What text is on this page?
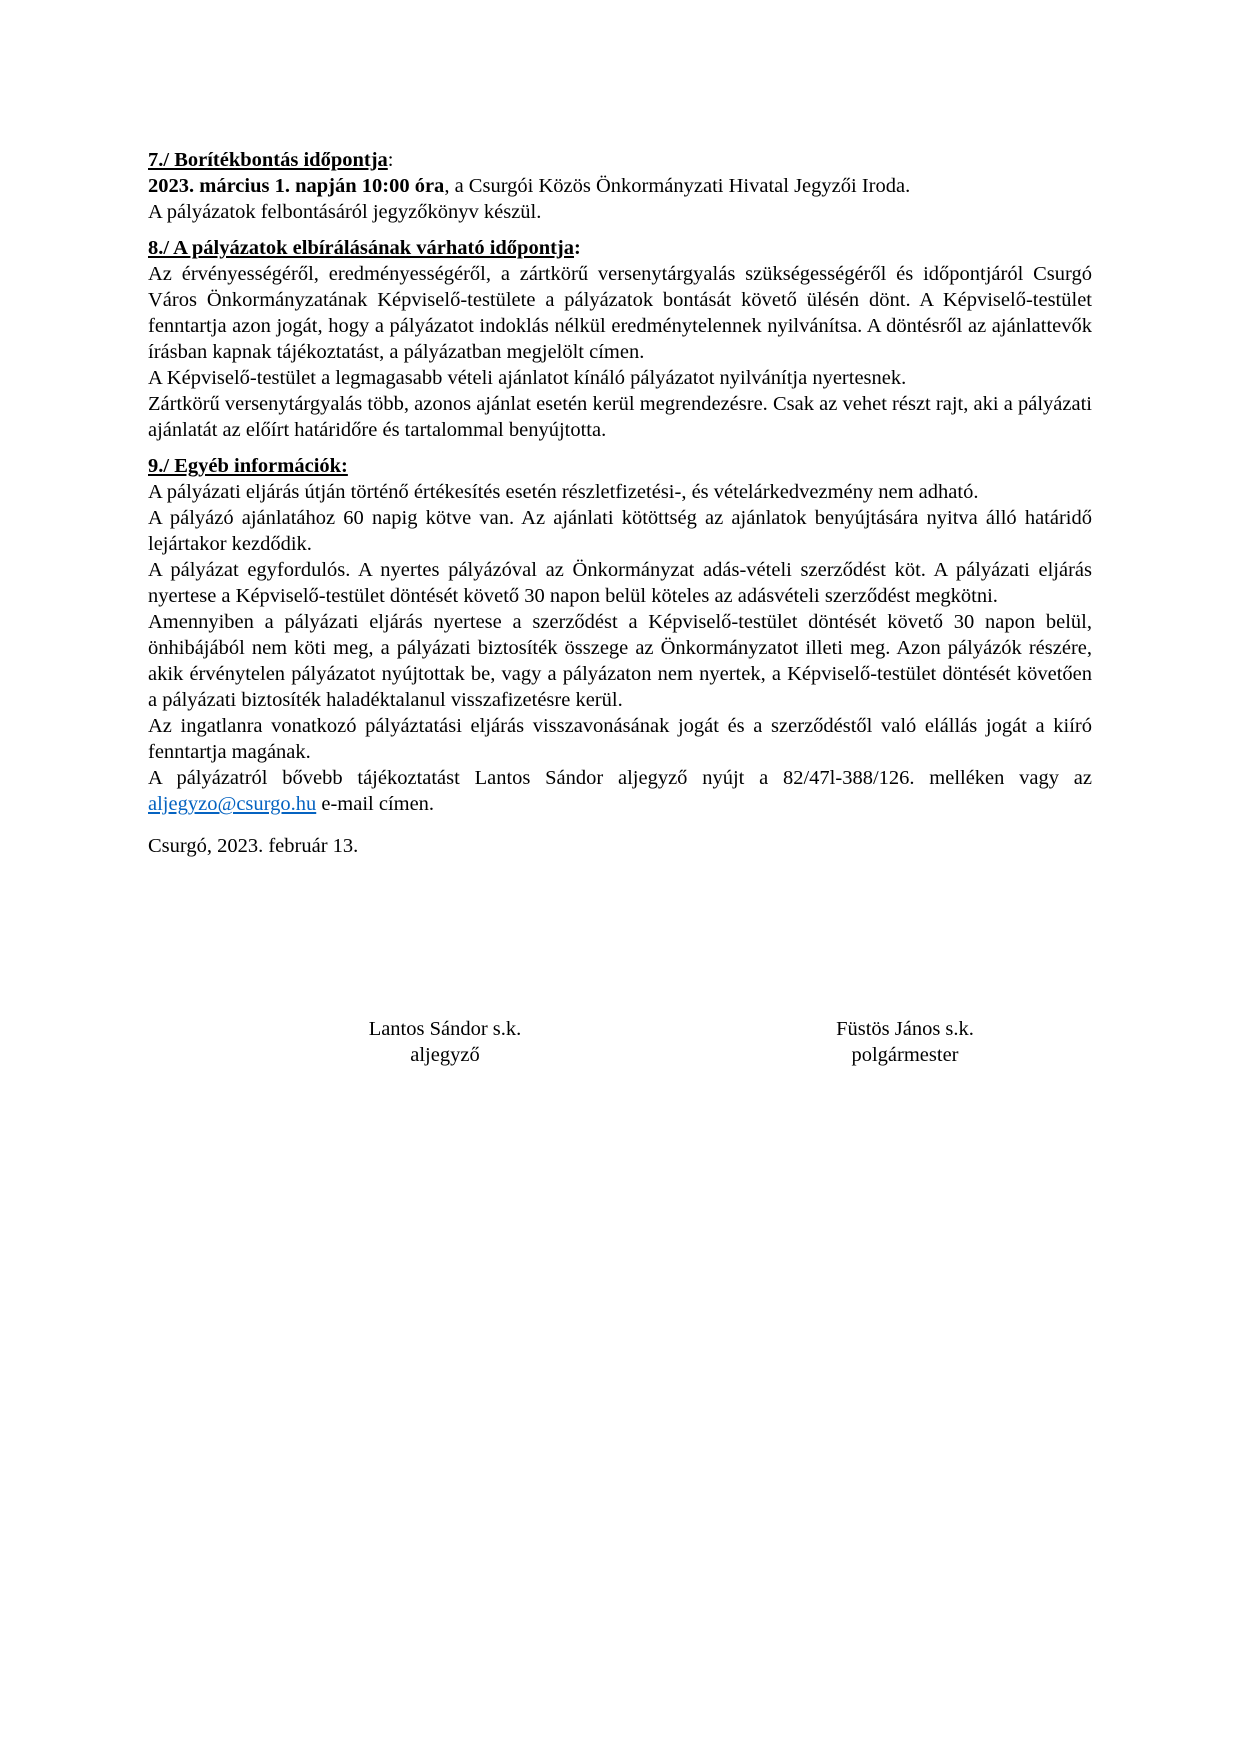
7./ Borítékbontás időpontja:

2023. március 1. napján 10:00 óra, a Csurgói Közös Önkormányzati Hivatal Jegyzői Iroda.

A pályázatok felbontásáról jegyzőkönyv készül.

8./ A pályázatok elbírálásának várható időpontja:

Az érvényességéről, eredményességéről, a zártkörű versenytárgyalás szükségességéről és időpontjáról Csurgó Város Önkormányzatának Képviselő-testülete a pályázatok bontását követő ülésén dönt. A Képviselő-testület fenntartja azon jogát, hogy a pályázatot indoklás nélkül eredménytelennek nyilvánítsa. A döntésről az ajánlattevők írásban kapnak tájékoztatást, a pályázatban megjelölt címen.

A Képviselő-testület a legmagasabb vételi ajánlatot kínáló pályázatot nyilvánítja nyertesnek.

Zártkörű versenytárgyalás több, azonos ajánlat esetén kerül megrendezésre. Csak az vehet részt rajt, aki a pályázati ajánlatát az előírt határidőre és tartalommal benyújtotta.

9./ Egyéb információk:

A pályázati eljárás útján történő értékesítés esetén részletfizetési-, és vételárkedvezmény nem adható.

A pályázó ajánlatához 60 napig kötve van. Az ajánlati kötöttség az ajánlatok benyújtására nyitva álló határidő lejártakor kezdődik.

A pályázat egyfordulós. A nyertes pályázóval az Önkormányzat adás-vételi szerződést köt. A pályázati eljárás nyertese a Képviselő-testület döntését követő 30 napon belül köteles az adásvételi szerződést megkötni.

Amennyiben a pályázati eljárás nyertese a szerződést a Képviselő-testület döntését követő 30 napon belül, önhibájából nem köti meg, a pályázati biztosíték összege az Önkormányzatot illeti meg. Azon pályázók részére, akik érvénytelen pályázatot nyújtottak be, vagy a pályázaton nem nyertek, a Képviselő-testület döntését követően a pályázati biztosíték haladéktalanul visszafizetésre kerül.

Az ingatlanra vonatkozó pályáztatási eljárás visszavonásának jogát és a szerződéstől való elállás jogát a kiíró fenntartja magának.

A pályázatról bővebb tájékoztatást Lantos Sándor aljegyző nyújt a 82/47l-388/126. melléken vagy az aljegyzo@csurgo.hu e-mail címen.

Csurgó, 2023. február 13.
Lantos Sándor s.k.
aljegyző
Füstös János s.k.
polgármester
